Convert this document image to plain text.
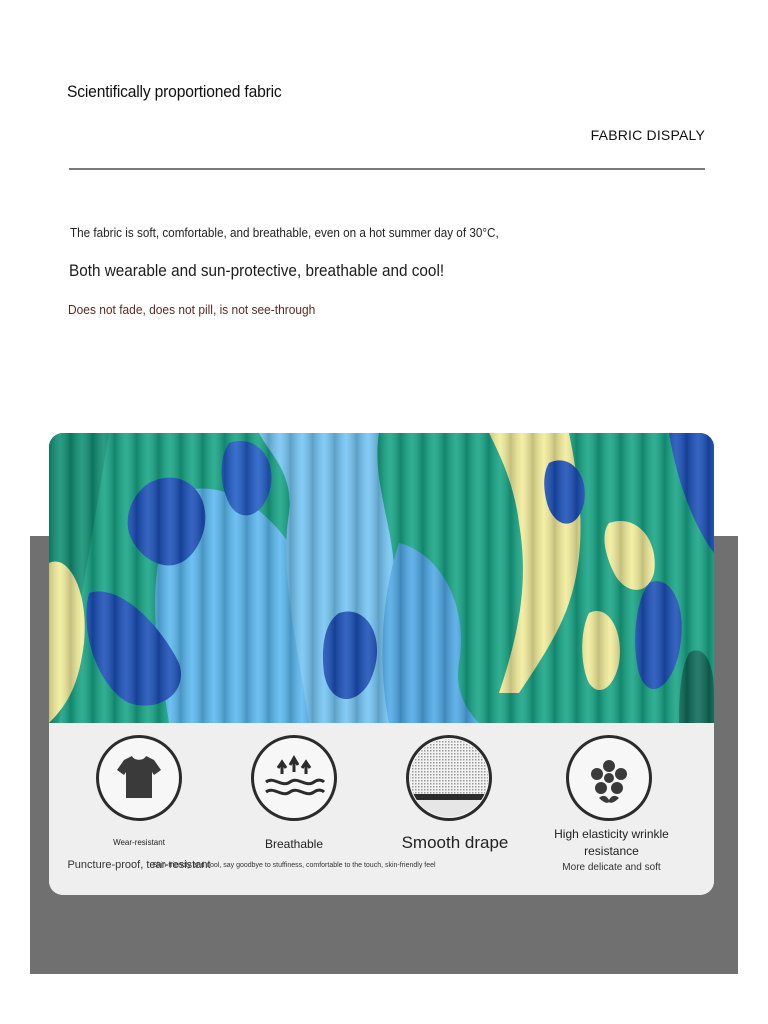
Scientifically proportioned fabric
FABRIC DISPALY
The fabric is soft, comfortable, and breathable, even on a hot summer day of 30°C,
Both wearable and sun-protective, breathable and cool!
Does not fade, does not pill, is not see-through
Wear-resistant
Puncture-proof, tear-resistant
Breathable
Skin-friendly and cool, say goodbye to stuffiness, comfortable to the touch, skin-friendly feel
Smooth drape	High elasticity wrinkle resistance
More delicate and soft
